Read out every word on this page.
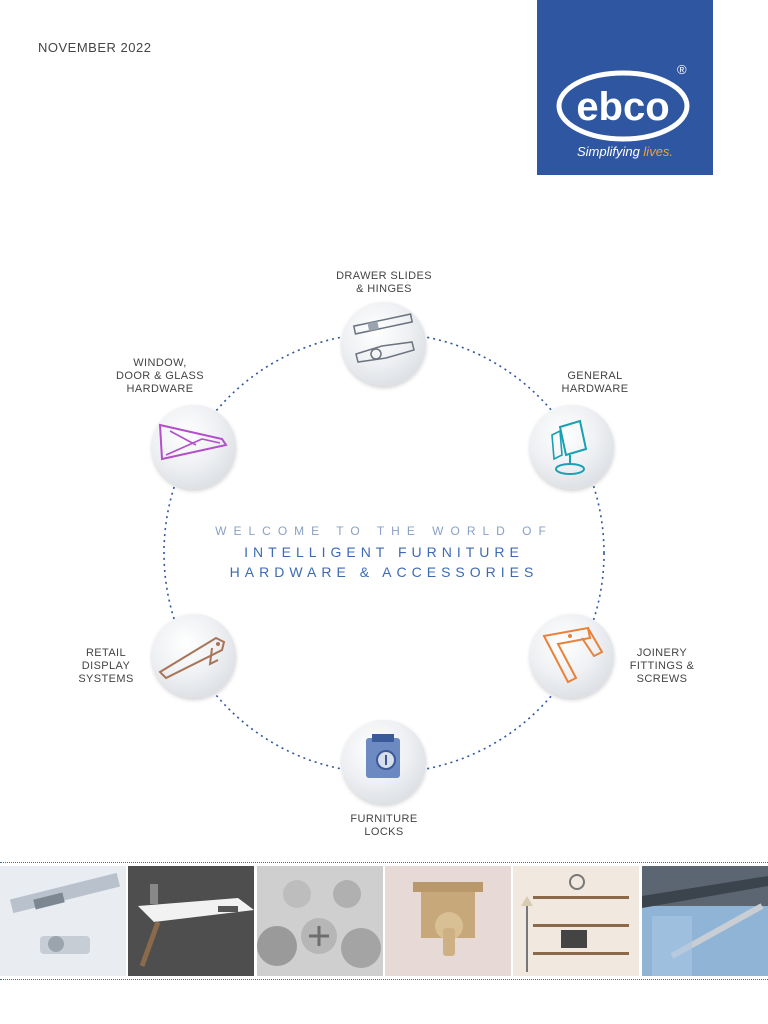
NOVEMBER 2022
ebco
®
Simplifying lives.
DRAWER SLIDES
& HINGES
GENERAL
HARDWARE
JOINERY
FITTINGS &
SCREWS
FURNITURE
LOCKS
RETAIL
DISPLAY
SYSTEMS
WINDOW,
DOOR & GLASS
HARDWARE
WELCOME TO THE WORLD OF
INTELLIGENT FURNITURE
HARDWARE & ACCESSORIES
